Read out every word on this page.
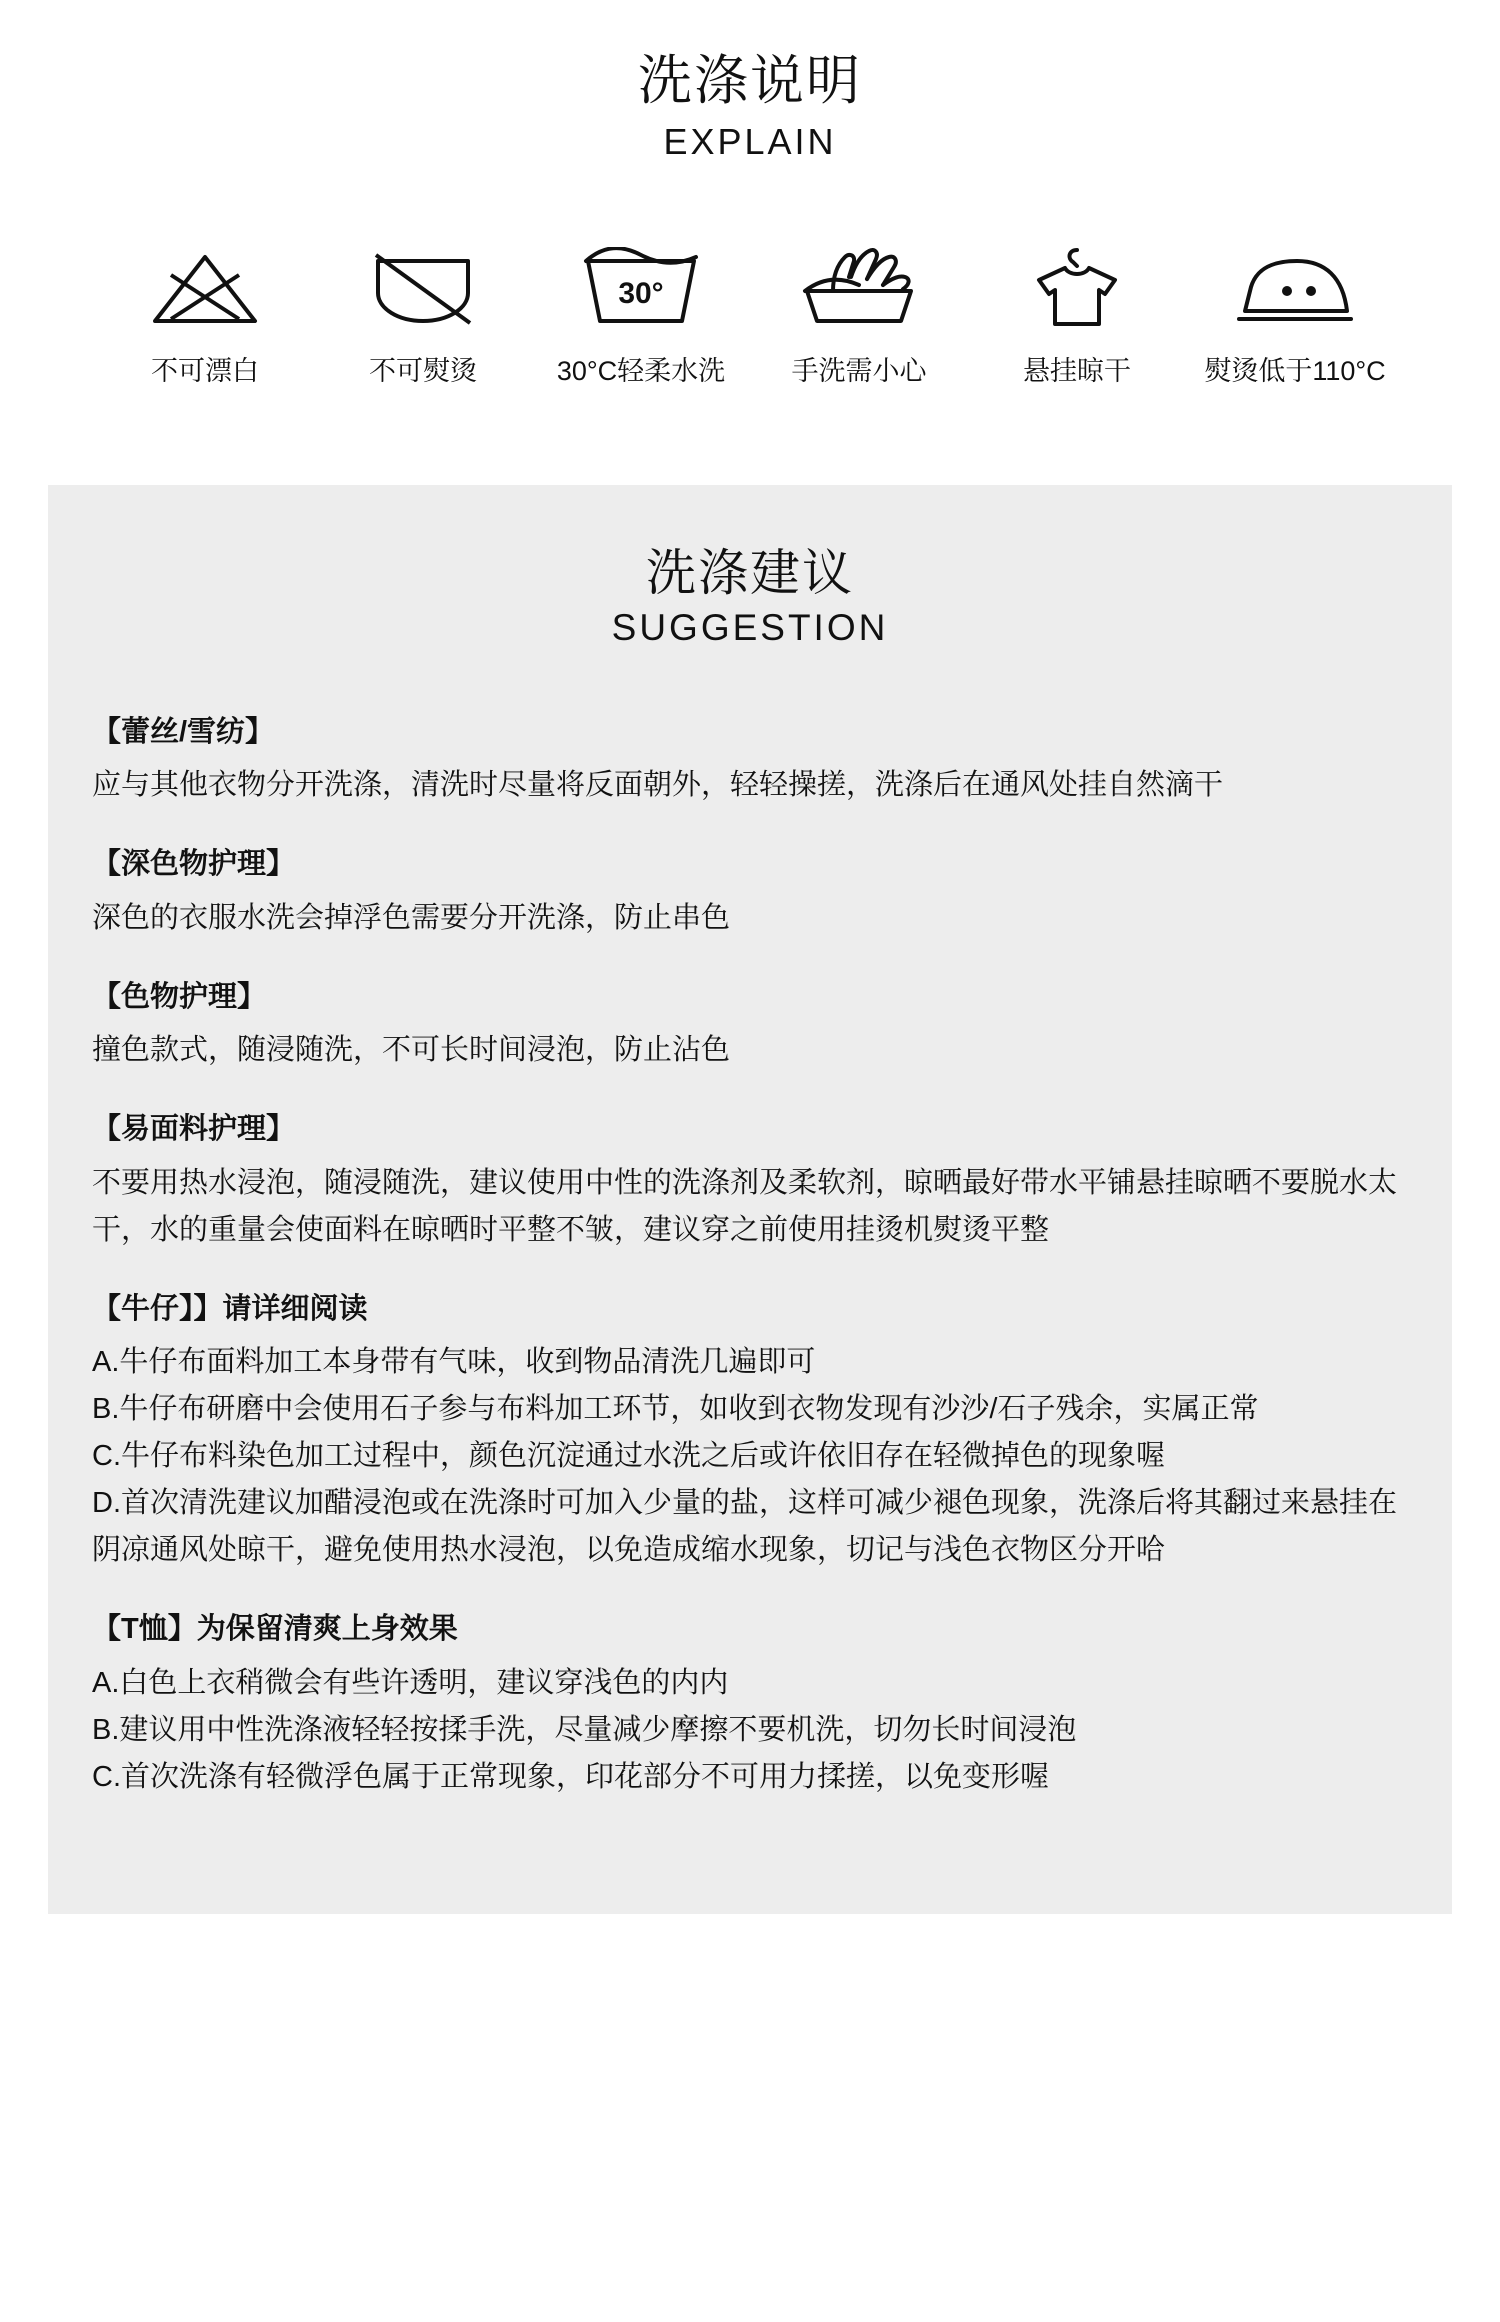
洗涤说明
EXPLAIN
不可漂白	不可熨烫
30°
30°C轻柔水洗 手洗需小心	悬挂晾干	熨烫低于110°C
洗涤建议
SUGGESTION
【蕾丝/雪纺】
应与其他衣物分开洗涤，清洗时尽量将反面朝外，轻轻操搓，洗涤后在通风处挂自然滴干
【深色物护理】
深色的衣服水洗会掉浮色需要分开洗涤，防止串色
【色物护理】
撞色款式，随浸随洗，不可长时间浸泡，防止沾色
【易面料护理】
不要用热水浸泡，随浸随洗，建议使用中性的洗涤剂及柔软剂，晾晒最好带水平铺悬挂晾晒不要脱水太干，水的重量会使面料在晾晒时平整不皱，建议穿之前使用挂烫机熨烫平整
【牛仔】】请详细阅读
A.牛仔布面料加工本身带有气味，收到物品清洗几遍即可
B.牛仔布研磨中会使用石子参与布料加工环节，如收到衣物发现有沙沙/石子残余，实属正常
C.牛仔布料染色加工过程中，颜色沉淀通过水洗之后或许依旧存在轻微掉色的现象喔
D.首次清洗建议加醋浸泡或在洗涤时可加入少量的盐，这样可减少褪色现象，洗涤后将其翻过来悬挂在阴凉通风处晾干，避免使用热水浸泡，以免造成缩水现象，切记与浅色衣物区分开哈
【T恤】为保留清爽上身效果
A.白色上衣稍微会有些许透明，建议穿浅色的内内
B.建议用中性洗涤液轻轻按揉手洗，尽量减少摩擦不要机洗，切勿长时间浸泡
C.首次洗涤有轻微浮色属于正常现象，印花部分不可用力揉搓，以免变形喔
